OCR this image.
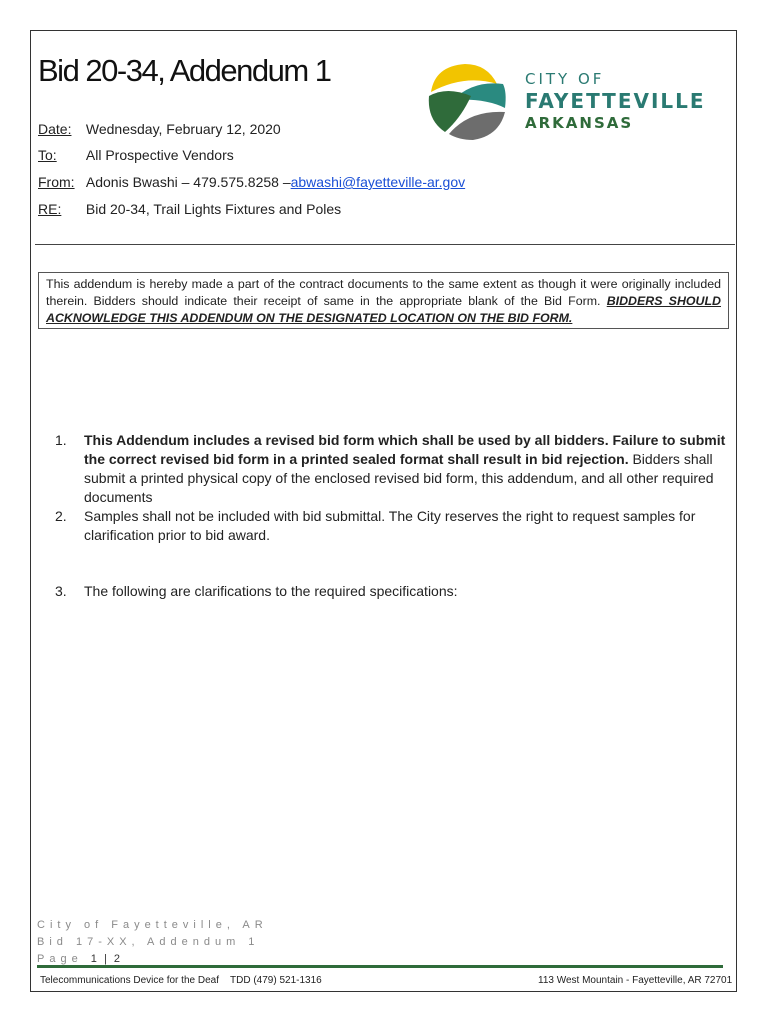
Bid 20-34, Addendum 1	CITY OF
FAYETTEVILLE
ARKANSAS
Date: Wednesday, February 12, 2020
To: All Prospective Vendors
From: Adonis Bwashi – 479.575.8258 –abwashi@fayetteville-ar.gov
RE: Bid 20-34, Trail Lights Fixtures and Poles
This addendum is hereby made a part of the contract documents to the same extent as though it were originally included therein. Bidders should indicate their receipt of same in the appropriate blank of the Bid Form. BIDDERS SHOULD ACKNOWLEDGE THIS ADDENDUM ON THE DESIGNATED LOCATION ON THE BID FORM.
1.	This Addendum includes a revised bid form which shall be used by all bidders. Failure to submit the correct revised bid form in a printed sealed format shall result in bid rejection. Bidders shall submit a printed physical copy of the enclosed revised bid form, this addendum, and all other required documents
2.	Samples shall not be included with bid submittal. The City reserves the right to request samples for clarification prior to bid award.
3.	The following are clarifications to the required specifications:
City of Fayetteville, AR
Bid 17-XX, Addendum 1
Page 1 | 2
Telecommunications Device for the Deaf TDD (479) 521-1316	113 West Mountain - Fayetteville, AR 72701
